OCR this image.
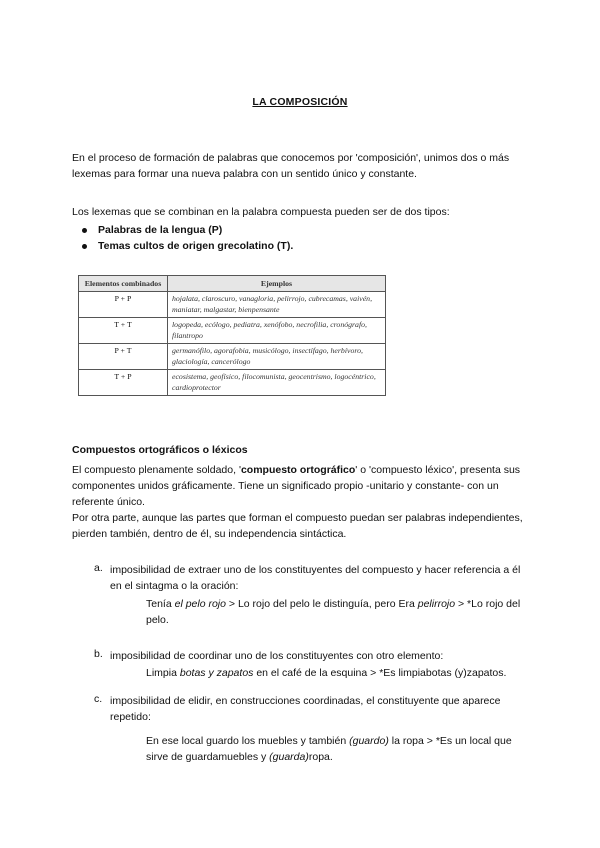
LA COMPOSICIÓN

En el proceso de formación de palabras que conocemos por 'composición', unimos dos o más lexemas para formar una nueva palabra con un sentido único y constante.

Los lexemas que se combinan en la palabra compuesta pueden ser de dos tipos:

Palabras de la lengua (P)
Temas cultos de origen grecolatino (T).
Elementos combinados	Ejemplos
P + P	hojalata, claroscuro, vanagloria, pelirrojo, cubrecamas, vaivén, maniatar, malgastar, bienpensante
T + T	logopeda, ecólogo, pediatra, xenófobo, necrofilia, cronógrafo, filantropo
P + T	germanófilo, agorafobia, musicólogo, insectífago, herbívoro, glaciología, cancerólogo
T + P	ecosistema, geofísico, filocomunista, geocentrismo, logocéntrico, cardioprotector
Compuestos ortográficos o léxicos

El compuesto plenamente soldado, 'compuesto ortográfico' o 'compuesto léxico', presenta sus componentes unidos gráficamente. Tiene un significado propio -unitario y constante- con un referente único.

Por otra parte, aunque las partes que forman el compuesto puedan ser palabras independientes, pierden también, dentro de él, su independencia sintáctica.

a. imposibilidad de extraer uno de los constituyentes del compuesto y hacer referencia a él en el sintagma o la oración:
Tenía el pelo rojo > Lo rojo del pelo le distinguía, pero Era pelirrojo > *Lo rojo del pelo.
b. imposibilidad de coordinar uno de los constituyentes con otro elemento:
Limpia botas y zapatos en el café de la esquina > *Es limpiabotas (y)zapatos.
c. imposibilidad de elidir, en construcciones coordinadas, el constituyente que aparece repetido:
En ese local guardo los muebles y también (guardo) la ropa > *Es un local que sirve de guardamuebles y (guarda)ropa.
